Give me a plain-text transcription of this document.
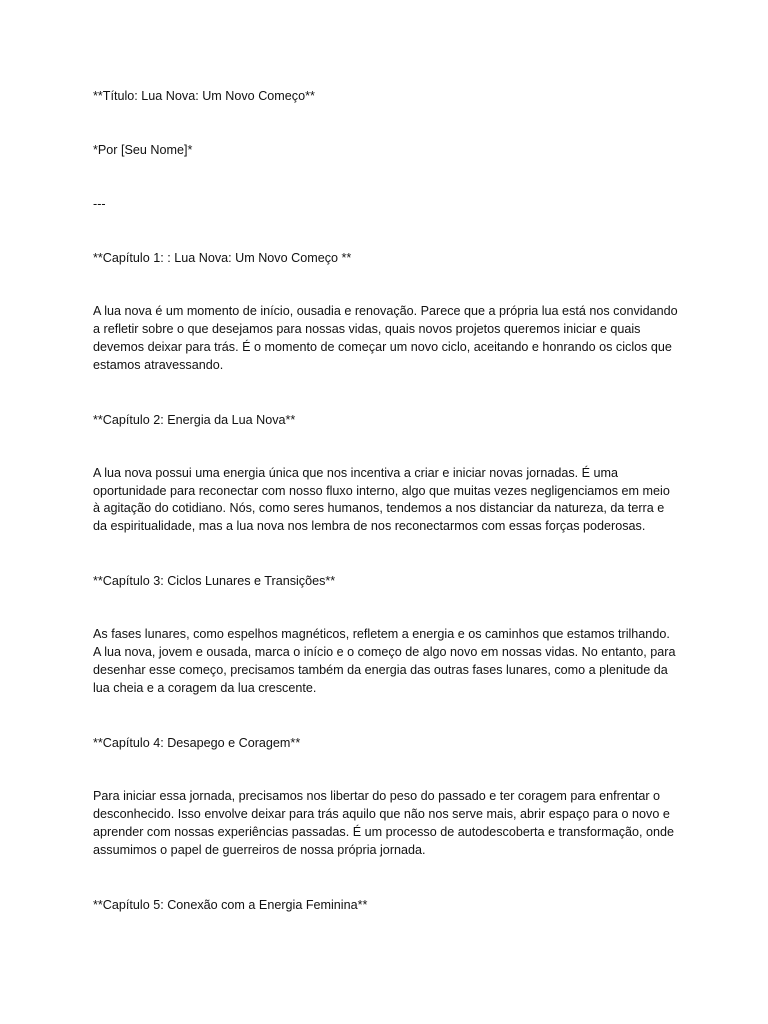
**Título: Lua Nova: Um Novo Começo**

*Por [Seu Nome]*

---

**Capítulo 1: : Lua Nova: Um Novo Começo **

A lua nova é um momento de início, ousadia e renovação. Parece que a própria lua está nos convidando a refletir sobre o que desejamos para nossas vidas, quais novos projetos queremos iniciar e quais devemos deixar para trás. É o momento de começar um novo ciclo, aceitando e honrando os ciclos que estamos atravessando.

**Capítulo 2: Energia da Lua Nova**

A lua nova possui uma energia única que nos incentiva a criar e iniciar novas jornadas. É uma oportunidade para reconectar com nosso fluxo interno, algo que muitas vezes negligenciamos em meio à agitação do cotidiano. Nós, como seres humanos, tendemos a nos distanciar da natureza, da terra e da espiritualidade, mas a lua nova nos lembra de nos reconectarmos com essas forças poderosas.

**Capítulo 3: Ciclos Lunares e Transições**

As fases lunares, como espelhos magnéticos, refletem a energia e os caminhos que estamos trilhando. A lua nova, jovem e ousada, marca o início e o começo de algo novo em nossas vidas. No entanto, para desenhar esse começo, precisamos também da energia das outras fases lunares, como a plenitude da lua cheia e a coragem da lua crescente.

**Capítulo 4: Desapego e Coragem**

Para iniciar essa jornada, precisamos nos libertar do peso do passado e ter coragem para enfrentar o desconhecido. Isso envolve deixar para trás aquilo que não nos serve mais, abrir espaço para o novo e aprender com nossas experiências passadas. É um processo de autodescoberta e transformação, onde assumimos o papel de guerreiros de nossa própria jornada.

**Capítulo 5: Conexão com a Energia Feminina**
